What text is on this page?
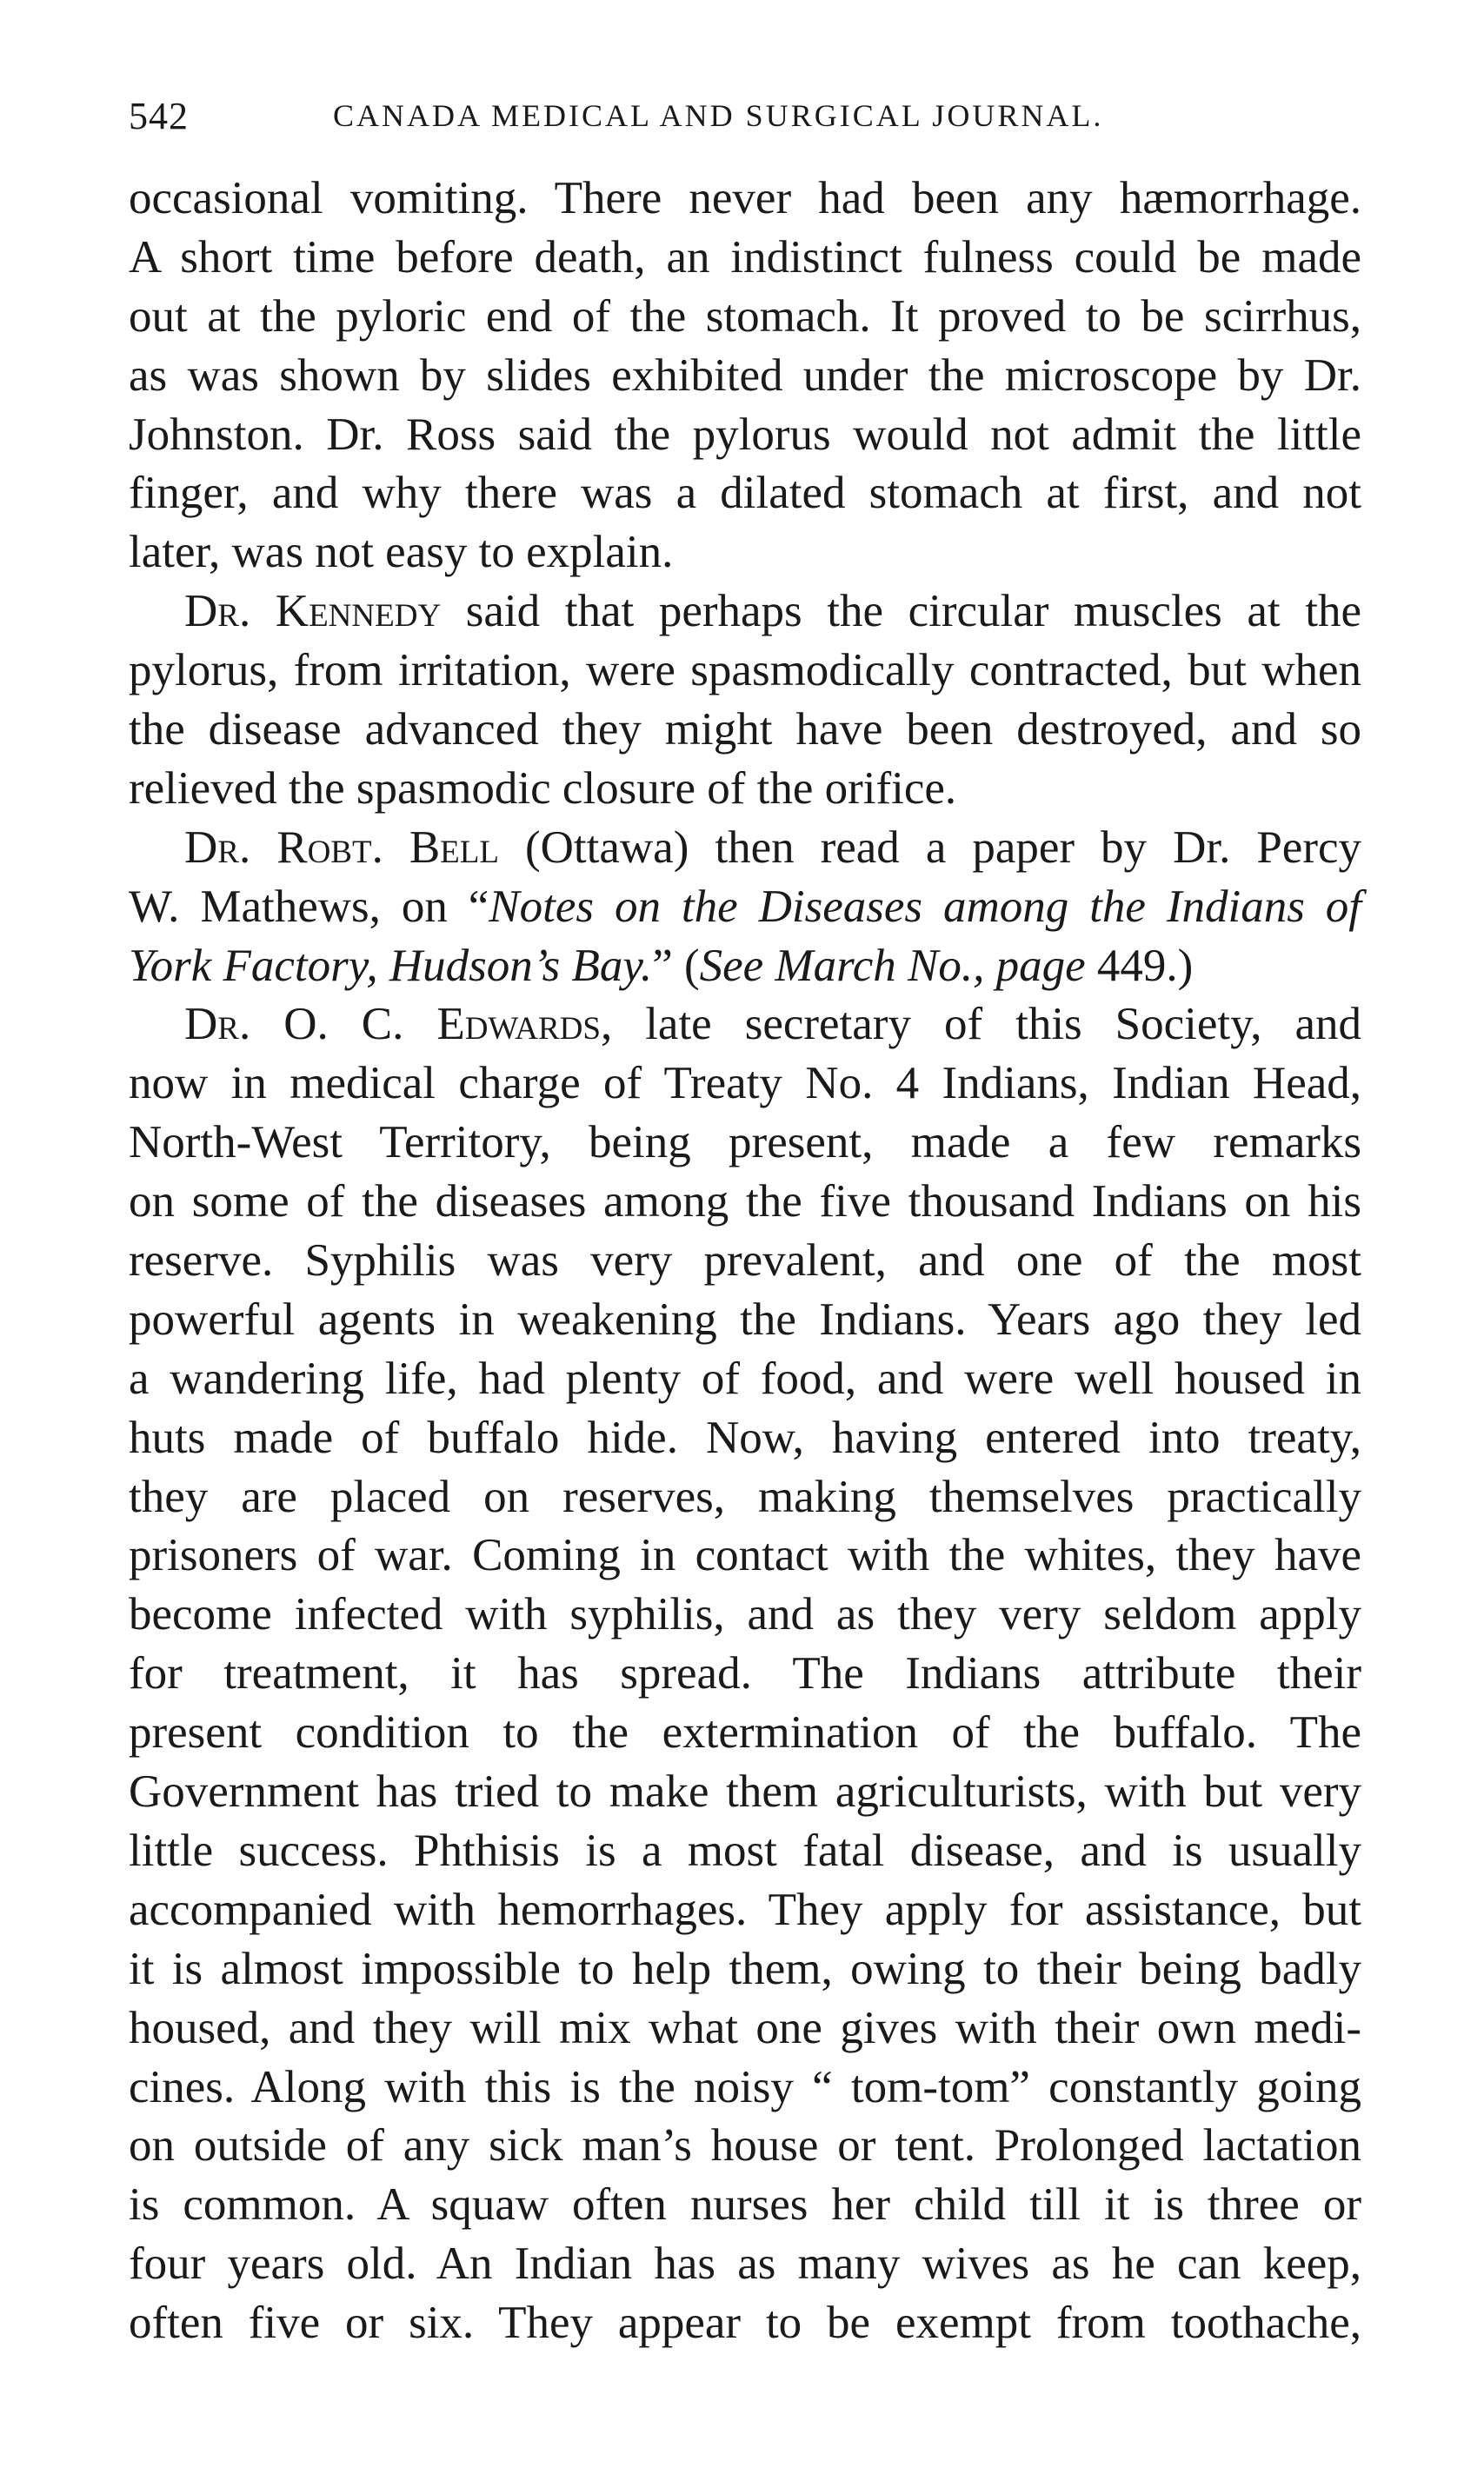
542	CANADA MEDICAL AND SURGICAL JOURNAL.
occasional vomiting. There never had been any hæmorrhage.
A short time before death, an indistinct fulness could be made
out at the pyloric end of the stomach. It proved to be scirrhus,
as was shown by slides exhibited under the microscope by Dr.
Johnston. Dr. Ross said the pylorus would not admit the little
finger, and why there was a dilated stomach at first, and not
later, was not easy to explain.
Dr. Kennedy said that perhaps the circular muscles at the
pylorus, from irritation, were spasmodically contracted, but when
the disease advanced they might have been destroyed, and so
relieved the spasmodic closure of the orifice.
Dr. Robt. Bell (Ottawa) then read a paper by Dr. Percy
W. Mathews, on “Notes on the Diseases among the Indians of
York Factory, Hudson’s Bay.” (See March No., page 449.)
Dr. O. C. Edwards, late secretary of this Society, and
now in medical charge of Treaty No. 4 Indians, Indian Head,
North-West Territory, being present, made a few remarks
on some of the diseases among the five thousand Indians on his
reserve. Syphilis was very prevalent, and one of the most
powerful agents in weakening the Indians. Years ago they led
a wandering life, had plenty of food, and were well housed in
huts made of buffalo hide. Now, having entered into treaty,
they are placed on reserves, making themselves practically
prisoners of war. Coming in contact with the whites, they have
become infected with syphilis, and as they very seldom apply
for treatment, it has spread. The Indians attribute their
present condition to the extermination of the buffalo. The
Government has tried to make them agriculturists, with but very
little success. Phthisis is a most fatal disease, and is usually
accompanied with hemorrhages. They apply for assistance, but
it is almost impossible to help them, owing to their being badly
housed, and they will mix what one gives with their own medi-
cines. Along with this is the noisy “ tom-tom” constantly going
on outside of any sick man’s house or tent. Prolonged lactation
is common. A squaw often nurses her child till it is three or
four years old. An Indian has as many wives as he can keep,
often five or six. They appear to be exempt from toothache,
